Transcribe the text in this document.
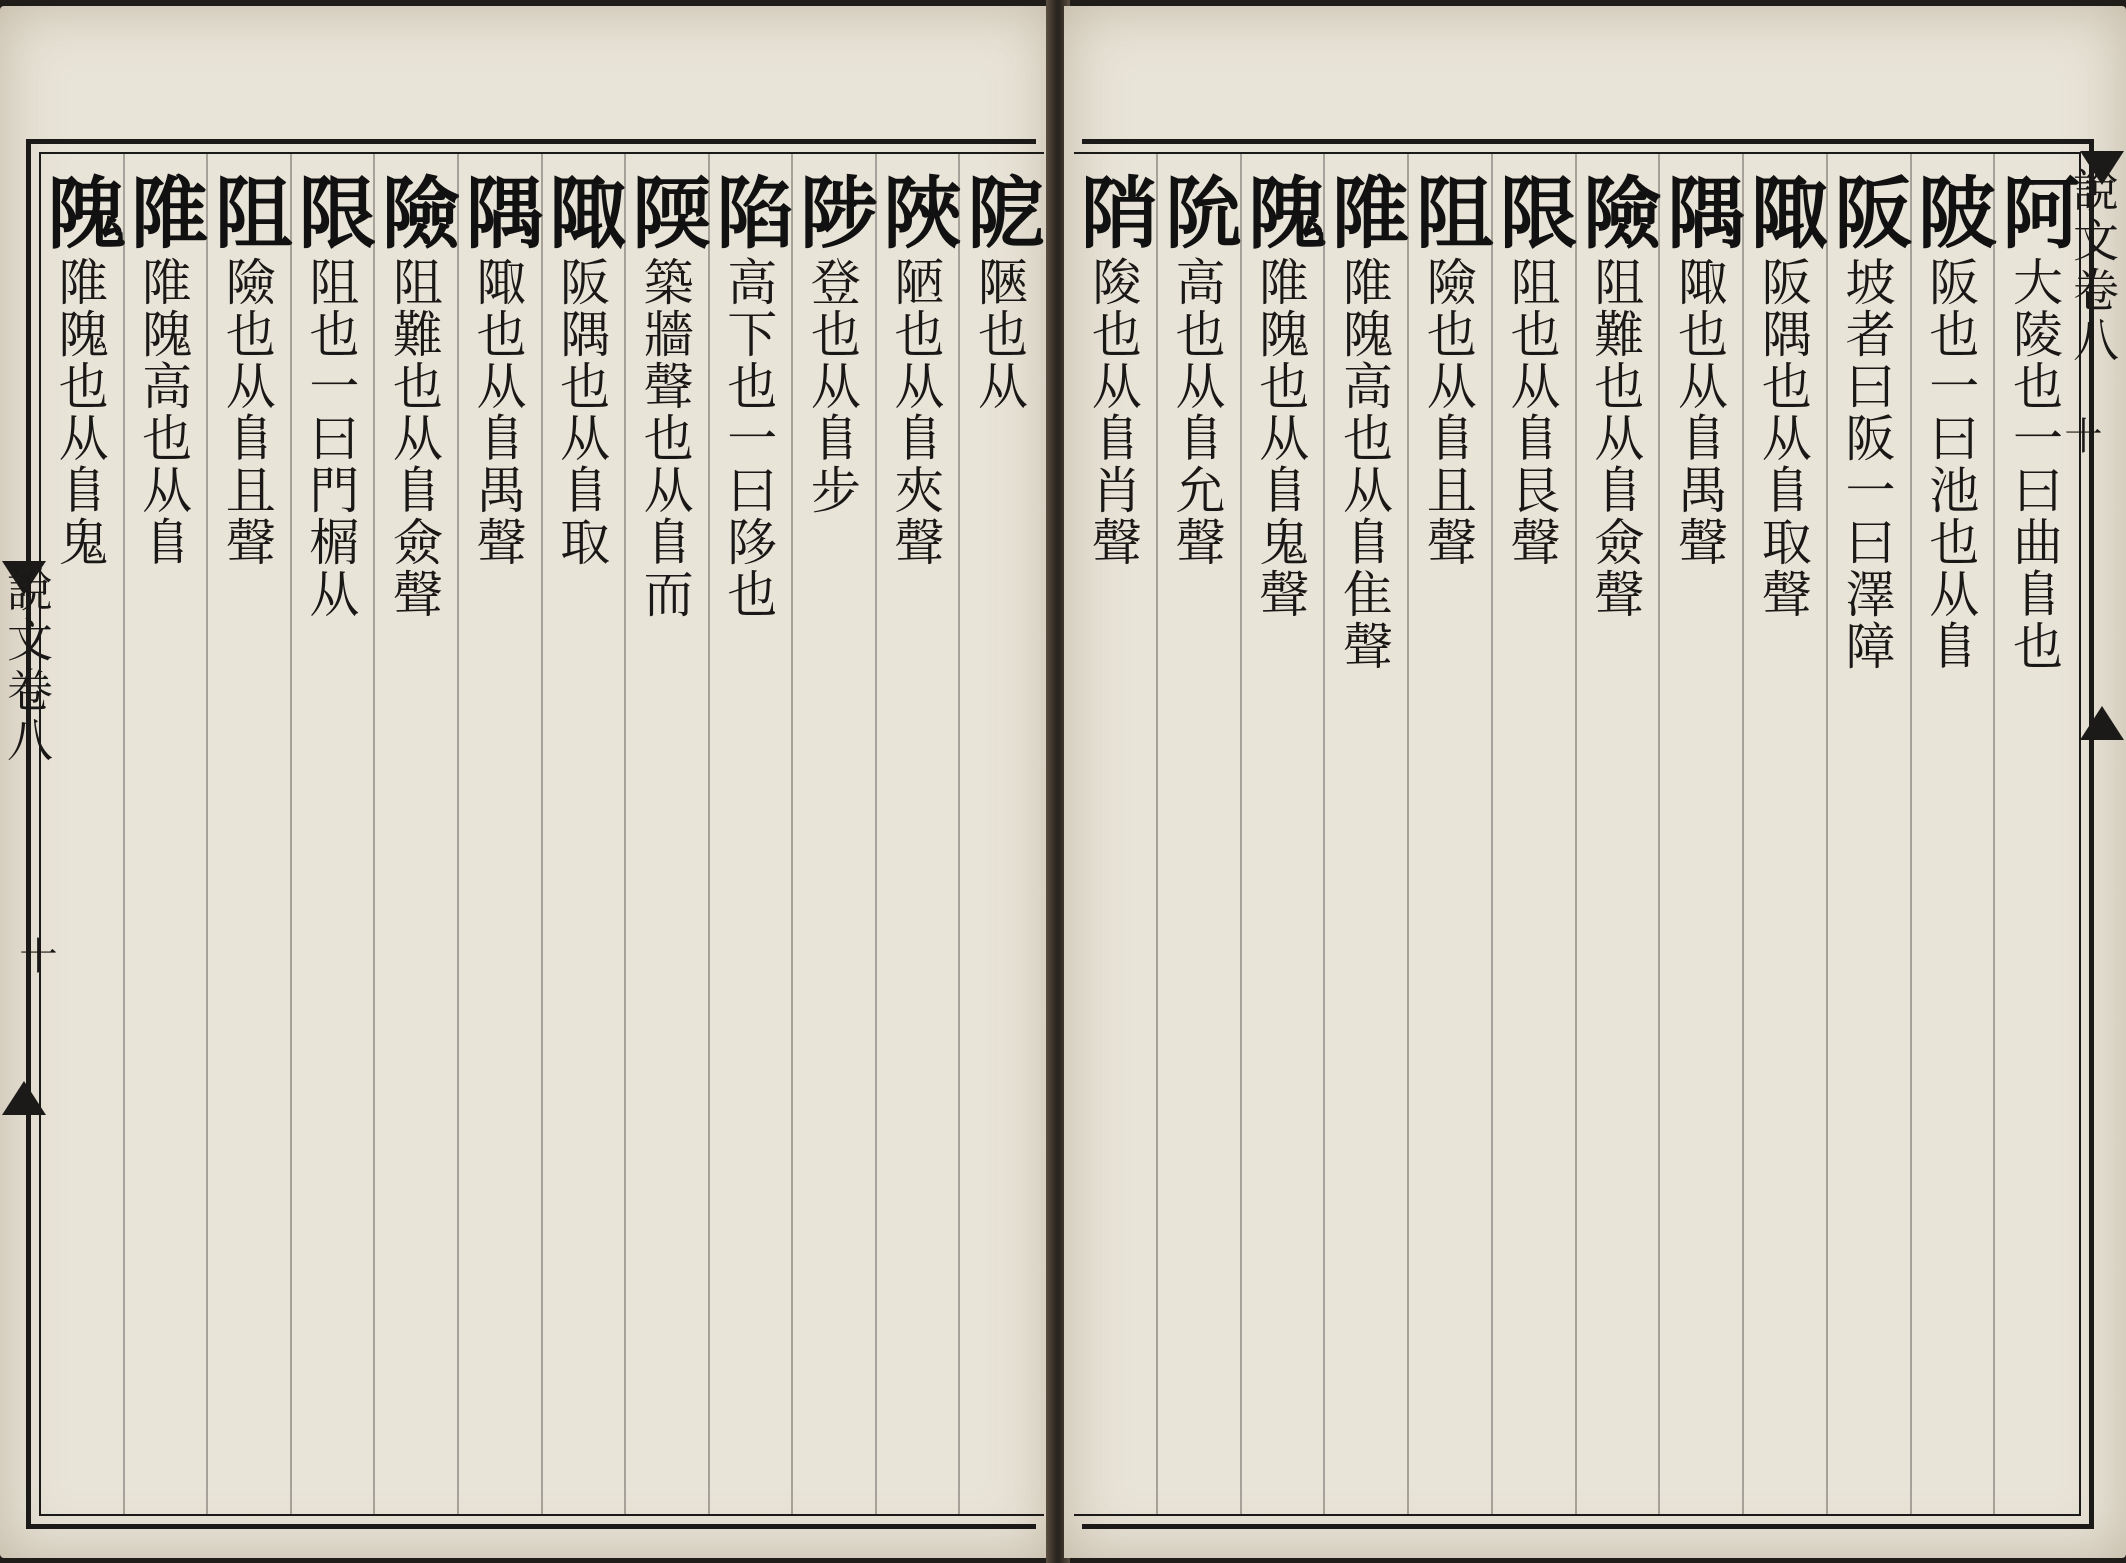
阸陿也从
陜陋也从𨸏夾聲
陟登也从𨸏步
陷高下也一曰陊也
陾築牆聲也从𨸏而
陬阪隅也从𨸏取
隅陬也从𨸏禺聲
險阻難也从𨸏僉聲
限阻也一曰門榍从
阻險也从𨸏且聲
陮陮隗高也从𨸏
隗陮隗也从𨸏鬼
說文卷八
十
阿大陵也一曰曲𨸏也
陂阪也一曰池也从𨸏
阪坡者曰阪一曰澤障
陬阪隅也从𨸏取聲
隅陬也从𨸏禺聲
險阻難也从𨸏僉聲
限阻也从𨸏艮聲
阻險也从𨸏且聲
陮陮隗高也从𨸏隹聲
隗陮隗也从𨸏鬼聲
阭高也从𨸏允聲
陗陖也从𨸏肖聲	說文卷八
十
